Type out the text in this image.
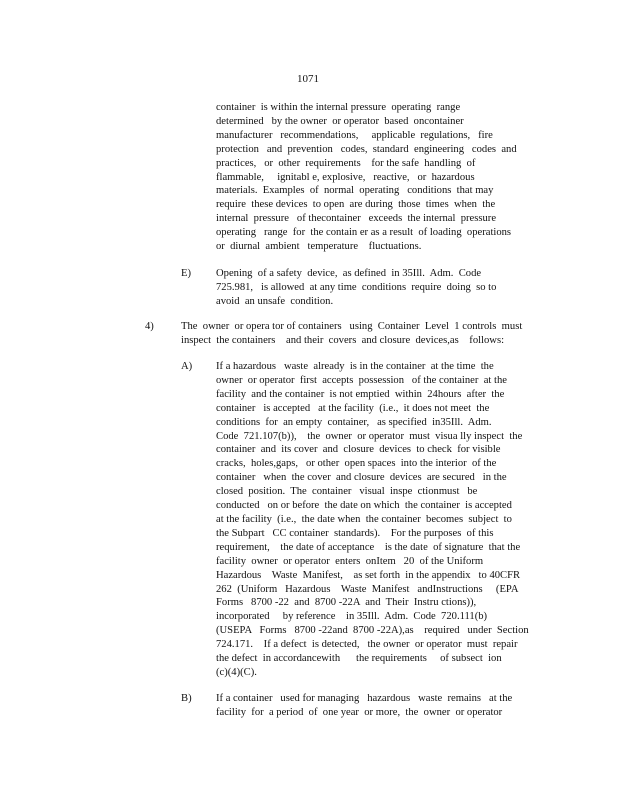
1071
container  is within the internal pressure  operating  range
determined   by the owner  or operator  based  oncontainer
manufacturer   recommendations,     applicable  regulations,   fire
protection   and  prevention   codes,  standard  engineering   codes  and
practices,   or  other  requirements    for the safe  handling  of
flammable,     ignitabl e, explosive,   reactive,   or  hazardous
materials.  Examples  of  normal  operating   conditions  that may
require  these devices  to open  are during  those  times  when  the
internal  pressure   of thecontainer   exceeds  the internal  pressure
operating   range  for  the contain er as a result  of loading  operations
or  diurnal  ambient   temperature    fluctuations.
E) Opening  of a safety  device,  as defined  in 35Ill.  Adm.  Code
725.981,   is allowed  at any time  conditions  require  doing  so to
avoid  an unsafe  condition.
4)	The  owner  or opera tor of containers   using  Container  Level  1 controls  must
inspect  the containers    and their  covers  and closure  devices,as    follows:
A) If a hazardous   waste  already  is in the container  at the time  the
owner  or operator  first  accepts  possession   of the container  at the
facility  and the container  is not emptied  within  24hours  after  the
container   is accepted   at the facility  (i.e.,  it does not meet  the
conditions  for  an empty  container,   as specified  in35Ill.  Adm.
Code  721.107(b)),    the  owner  or operator  must  visua lly inspect  the
container  and  its cover  and  closure  devices  to check  for visible
cracks,  holes,gaps,   or other  open spaces  into the interior  of the
container   when  the cover  and closure  devices  are secured   in the
closed  position.  The  container   visual  inspe  ctionmust   be
conducted   on or before  the date on which  the container  is accepted
at the facility  (i.e.,  the date when  the container  becomes  subject  to
the Subpart   CC container  standards).    For the purposes  of this
requirement,    the date of acceptance    is the date  of signature  that the
facility  owner  or operator  enters  onItem   20  of the Uniform
Hazardous    Waste  Manifest,    as set forth  in the appendix   to 40CFR
262  (Uniform   Hazardous    Waste  Manifest   andInstructions     (EPA
Forms   8700 -22  and  8700 -22A  and  Their  Instru ctions)),
incorporated     by reference    in 35Ill.  Adm.  Code  720.111(b)
(USEPA   Forms   8700 -22and  8700 -22A),as    required   under  Section
724.171.    If a defect  is detected,   the owner  or operator  must  repair
the defect  in accordancewith      the requirements     of subsect  ion
(c)(4)(C).
B) If a container   used for managing   hazardous   waste  remains   at the
facility  for  a period  of  one year  or more,  the  owner  or operator
